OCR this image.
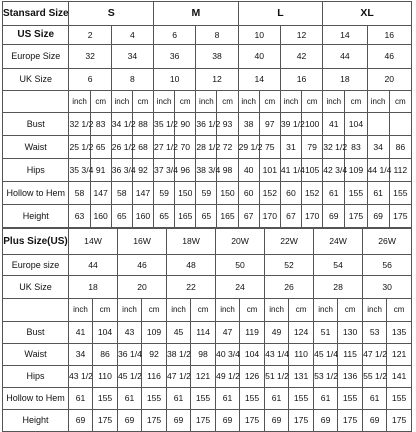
Stansard Size	S				M				L				XL			
US Size	2		4		6		8		10		12		14		16	
Europe Size	32		34		36		38		40		42		44		46	
UK Size	6		8		10		12		14		16		18		20	
	inch	cm	inch	cm	inch	cm	inch	cm	inch	cm	inch	cm	inch	cm	inch	cm
Bust	32 1/2	83	34 1/2	88	35 1/2	90	36 1/2	93	38	97	39 1/2	100	41	104		
Waist	25 1/2	65	26 1/2	68	27 1/2	70	28 1/2	72	29 1/2	75	31	79	32 1/2	83	34	86
Hips	35 3/4	91	36 3/4	92	37 3/4	96	38 3/4	98	40	101	41 1/4	105	42 3/4	109	44 1/4	112
Hollow to Hem	58	147	58	147	59	150	59	150	60	152	60	152	61	155	61	155
Height	63	160	65	160	65	165	65	165	67	170	67	170	69	175	69	175
Plus Size(US)	14W		16W		18W		20W		22W		24W		26W	
Europe size	44		46		48		50		52		54		56	
UK Size	18		20		22		24		26		28		30	
	inch	cm	inch	cm	inch	cm	inch	cm	inch	cm	inch	cm	inch	cm
Bust	41	104	43	109	45	114	47	119	49	124	51	130	53	135
Waist	34	86	36 1/4	92	38 1/2	98	40 3/4	104	43 1/4	110	45 1/4	115	47 1/2	121
Hips	43 1/2	110	45 1/2	116	47 1/2	121	49 1/2	126	51 1/2	131	53 1/2	136	55 1/2	141
Hollow to Hem	61	155	61	155	61	155	61	155	61	155	61	155	61	155
Height	69	175	69	175	69	175	69	175	69	175	69	175	69	175
